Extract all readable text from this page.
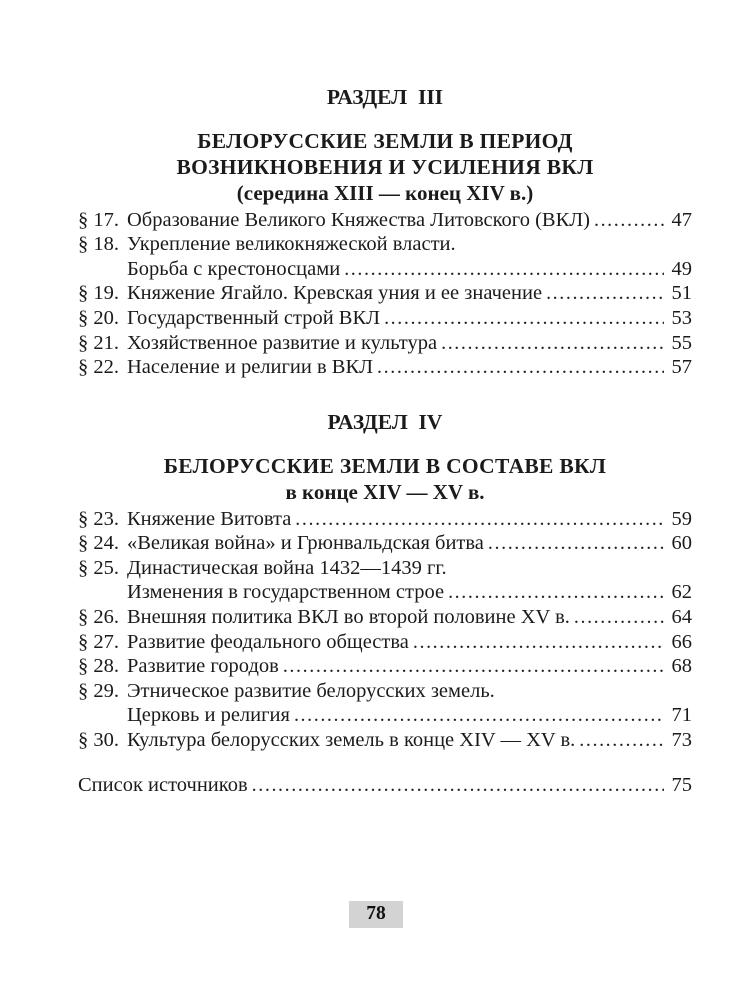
РАЗДЕЛ  III
БЕЛОРУССКИЕ ЗЕМЛИ В ПЕРИОД
ВОЗНИКНОВЕНИЯ И УСИЛЕНИЯ ВКЛ
(середина XIII — конец XIV в.)
§ 17. Образование Великого Княжества Литовского (ВКЛ) .....	47
§ 18. Укрепление великокняжеской власти.
Борьба с крестоносцами .....	49
§ 19. Княжение Ягайло. Кревская уния и ее значение .....	51
§ 20. Государственный строй ВКЛ .....	53
§ 21. Хозяйственное развитие и культура .....	55
§ 22. Население и религии в ВКЛ .....	57
РАЗДЕЛ  IV
БЕЛОРУССКИЕ ЗЕМЛИ В СОСТАВЕ ВКЛ
в конце XIV — XV в.
§ 23. Княжение Витовта .....	59
§ 24. «Великая война» и Грюнвальдская битва .....	60
§ 25. Династическая война 1432—1439 гг.
Изменения в государственном строе .....	62
§ 26. Внешняя политика ВКЛ во второй половине XV в. .....	64
§ 27. Развитие феодального общества .....	66
§ 28. Развитие городов .....	68
§ 29. Этническое развитие белорусских земель.
Церковь и религия .....	71
§ 30. Культура белорусских земель в конце XIV — XV в. .....	73
Список источников .....	75
78
